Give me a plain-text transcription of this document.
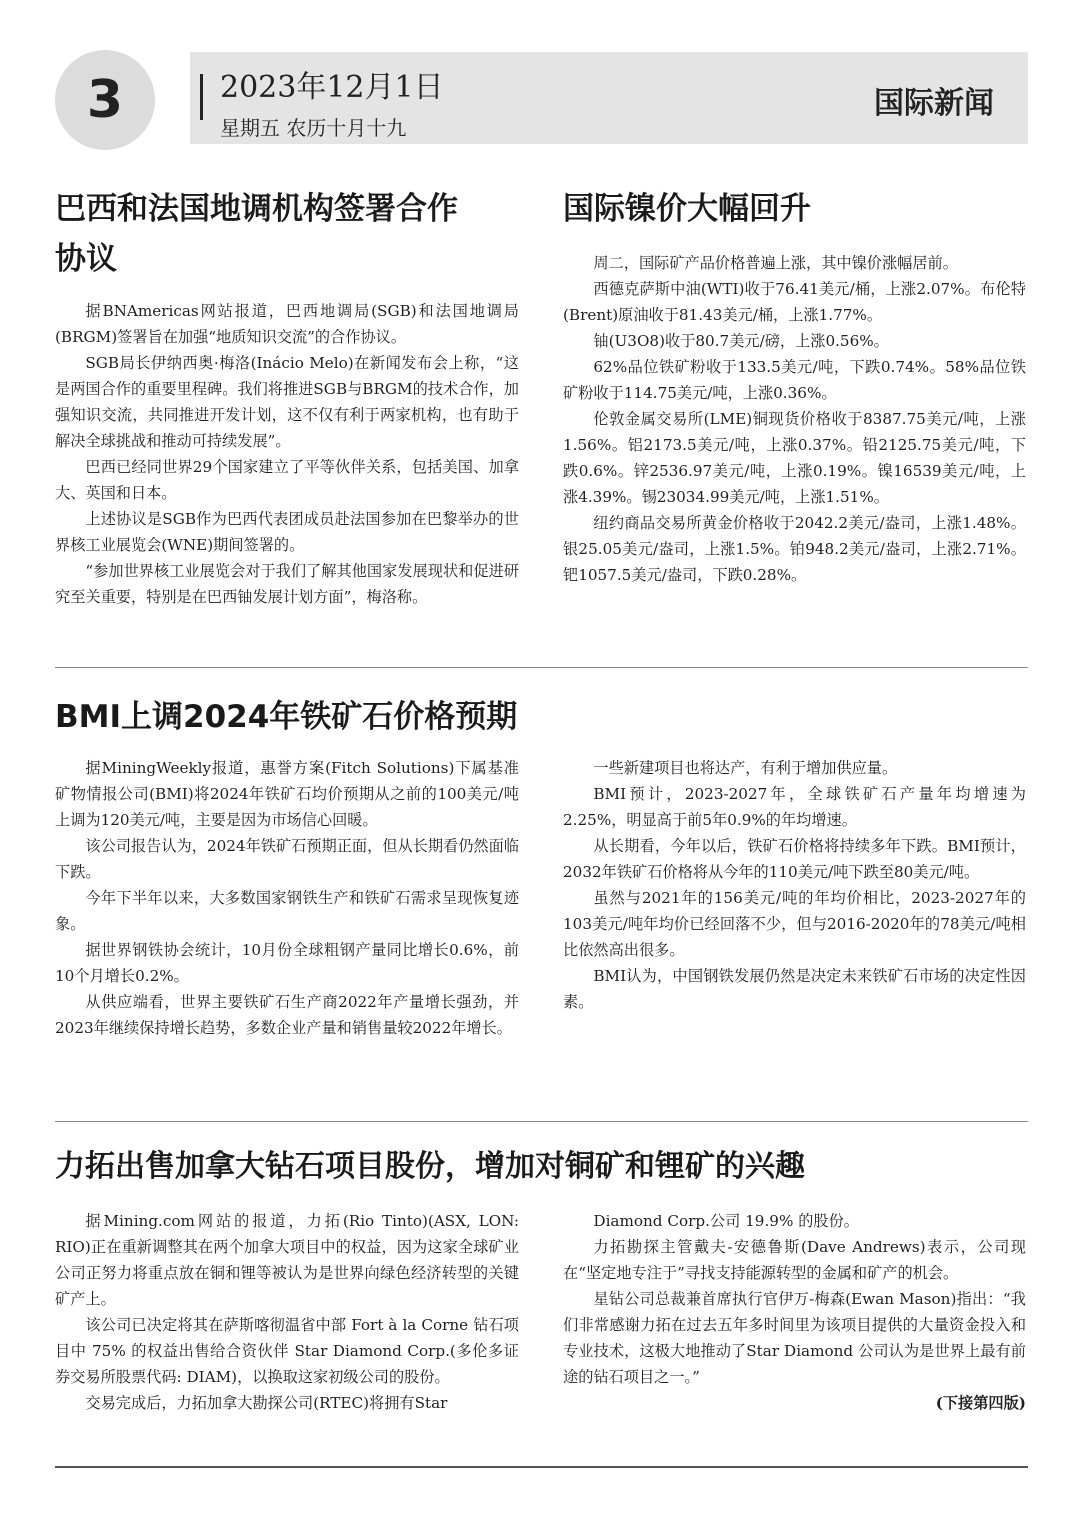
3	2023年12月1日
星期五 农历十月十九
国际新闻
巴西和法国地调机构签署合作
协议

据BNAmericas网站报道，巴西地调局(SGB)和法国地调局(BRGM)签署旨在加强“地质知识交流”的合作协议。

SGB局长伊纳西奥·梅洛(Inácio Melo)在新闻发布会上称，“这是两国合作的重要里程碑。我们将推进SGB与BRGM的技术合作，加强知识交流，共同推进开发计划，这不仅有利于两家机构，也有助于解决全球挑战和推动可持续发展”。

巴西已经同世界29个国家建立了平等伙伴关系，包括美国、加拿大、英国和日本。

上述协议是SGB作为巴西代表团成员赴法国参加在巴黎举办的世界核工业展览会(WNE)期间签署的。

“参加世界核工业展览会对于我们了解其他国家发展现状和促进研究至关重要，特别是在巴西铀发展计划方面”，梅洛称。

国际镍价大幅回升

周二，国际矿产品价格普遍上涨，其中镍价涨幅居前。

西德克萨斯中油(WTI)收于76.41美元/桶，上涨2.07%。布伦特(Brent)原油收于81.43美元/桶，上涨1.77%。

铀(U3O8)收于80.7美元/磅，上涨0.56%。

62%品位铁矿粉收于133.5美元/吨，下跌0.74%。58%品位铁矿粉收于114.75美元/吨，上涨0.36%。

伦敦金属交易所(LME)铜现货价格收于8387.75美元/吨，上涨1.56%。铝2173.5美元/吨，上涨0.37%。铅2125.75美元/吨，下跌0.6%。锌2536.97美元/吨，上涨0.19%。镍16539美元/吨，上涨4.39%。锡23034.99美元/吨，上涨1.51%。

纽约商品交易所黄金价格收于2042.2美元/盎司，上涨1.48%。银25.05美元/盎司，上涨1.5%。铂948.2美元/盎司，上涨2.71%。钯1057.5美元/盎司，下跌0.28%。

BMI上调2024年铁矿石价格预期

据MiningWeekly报道，惠誉方案(Fitch Solutions)下属基准矿物情报公司(BMI)将2024年铁矿石均价预期从之前的100美元/吨上调为120美元/吨，主要是因为市场信心回暖。

该公司报告认为，2024年铁矿石预期正面，但从长期看仍然面临下跌。

今年下半年以来，大多数国家钢铁生产和铁矿石需求呈现恢复迹象。

据世界钢铁协会统计，10月份全球粗钢产量同比增长0.6%，前10个月增长0.2%。

从供应端看，世界主要铁矿石生产商2022年产量增长强劲，并2023年继续保持增长趋势，多数企业产量和销售量较2022年增长。

一些新建项目也将达产，有利于增加供应量。

BMI预计，2023-2027年，全球铁矿石产量年均增速为2.25%，明显高于前5年0.9%的年均增速。

从长期看，今年以后，铁矿石价格将持续多年下跌。BMI预计，2032年铁矿石价格将从今年的110美元/吨下跌至80美元/吨。

虽然与2021年的156美元/吨的年均价相比，2023-2027年的103美元/吨年均价已经回落不少，但与2016-2020年的78美元/吨相比依然高出很多。

BMI认为，中国钢铁发展仍然是决定未来铁矿石市场的决定性因素。

力拓出售加拿大钻石项目股份，增加对铜矿和锂矿的兴趣

据Mining.com网站的报道，力拓(Rio Tinto)(ASX, LON: RIO)正在重新调整其在两个加拿大项目中的权益，因为这家全球矿业公司正努力将重点放在铜和锂等被认为是世界向绿色经济转型的关键矿产上。

该公司已决定将其在萨斯喀彻温省中部 Fort à la Corne 钻石项目中 75% 的权益出售给合资伙伴 Star Diamond Corp.(多伦多证券交易所股票代码: DIAM)，以换取这家初级公司的股份。

交易完成后，力拓加拿大勘探公司(RTEC)将拥有Star

Diamond Corp.公司 19.9% 的股份。

力拓勘探主管戴夫-安德鲁斯(Dave Andrews)表示，公司现在“坚定地专注于”寻找支持能源转型的金属和矿产的机会。

星钻公司总裁兼首席执行官伊万-梅森(Ewan Mason)指出：“我们非常感谢力拓在过去五年多时间里为该项目提供的大量资金投入和专业技术，这极大地推动了Star Diamond 公司认为是世界上最有前途的钻石项目之一。”

(下接第四版)
